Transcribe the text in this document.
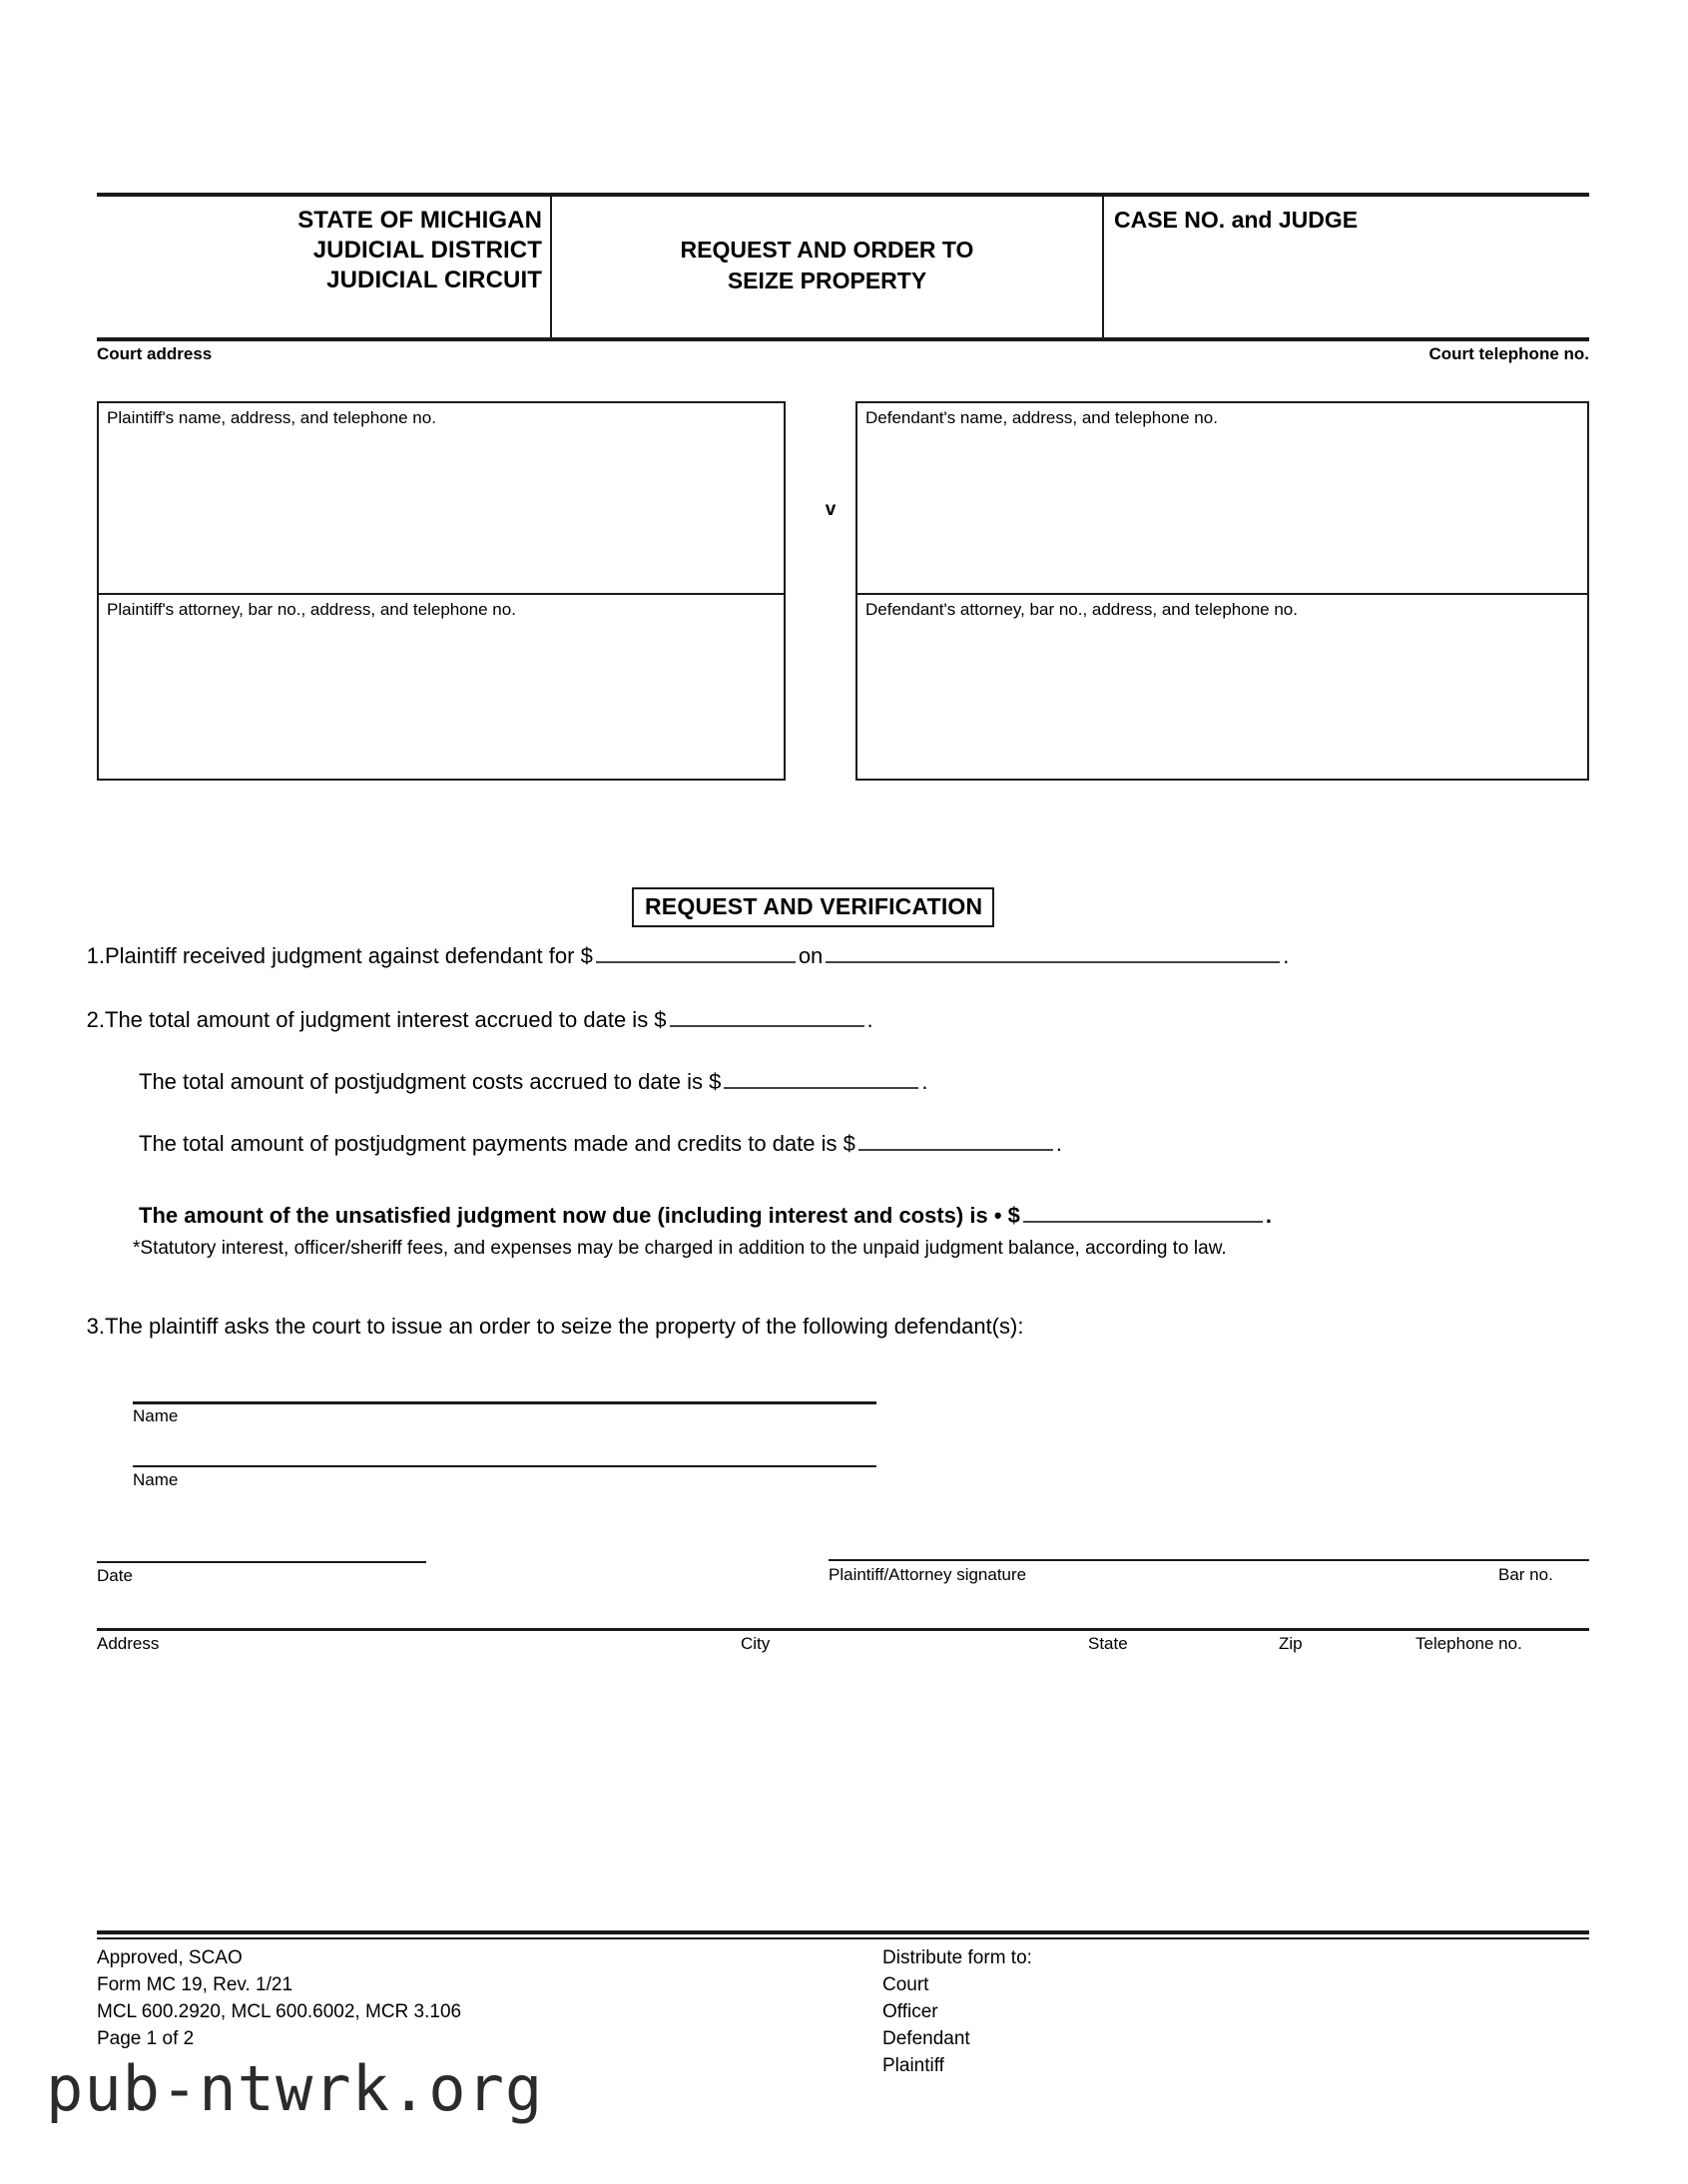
STATE OF MICHIGAN
JUDICIAL DISTRICT
JUDICIAL CIRCUIT
REQUEST AND ORDER TO
SEIZE PROPERTY
CASE NO. and JUDGE
Court address	Court telephone no.
Plaintiff's name, address, and telephone no.
Plaintiff's attorney, bar no., address, and telephone no.
Defendant's name, address, and telephone no.
Defendant's attorney, bar no., address, and telephone no.
v
REQUEST AND VERIFICATION
1. Plaintiff received judgment against defendant for $	on	.
2. The total amount of judgment interest accrued to date is $	.
The total amount of postjudgment costs accrued to date is $	.
The total amount of postjudgment payments made and credits to date is $	.
The amount of the unsatisfied judgment now due (including interest and costs) is • $	.
*Statutory interest, officer/sheriff fees, and expenses may be charged in addition to the unpaid judgment balance, according to law.
3. The plaintiff asks the court to issue an order to seize the property of the following defendant(s):
Name
Name
Date	Plaintiff/Attorney signature	Bar no.
Address	City	State	Zip	Telephone no.
Approved, SCAO
Form MC 19, Rev. 1/21
MCL 600.2920, MCL 600.6002, MCR 3.106
Page 1 of 2
Distribute form to:
Court
Officer
Defendant
Plaintiff
pub-ntwrk.org
